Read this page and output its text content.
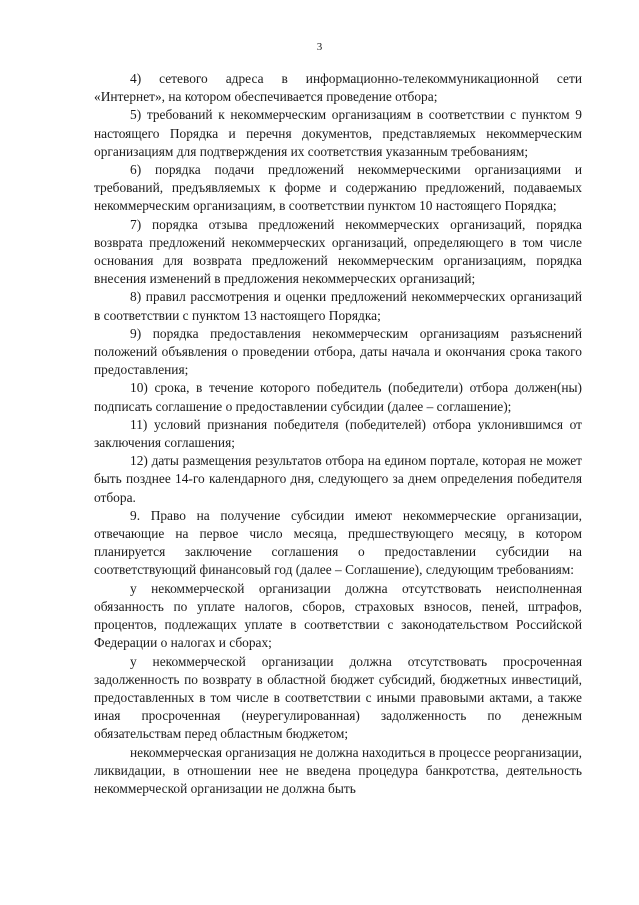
3

4) сетевого адреса в информационно-телекоммуникационной сети «Интернет», на котором обеспечивается проведение отбора;

5) требований к некоммерческим организациям в соответствии с пунктом 9 настоящего Порядка и перечня документов, представляемых некоммерческим организациям для подтверждения их соответствия указанным требованиям;

6) порядка подачи предложений некоммерческими организациями и требований, предъявляемых к форме и содержанию предложений, подаваемых некоммерческим организациям, в соответствии пунктом 10 настоящего Порядка;

7) порядка отзыва предложений некоммерческих организаций, порядка возврата предложений некоммерческих организаций, определяющего в том числе основания для возврата предложений некоммерческим организациям, порядка внесения изменений в предложения некоммерческих организаций;

8) правил рассмотрения и оценки предложений некоммерческих организаций в соответствии с пунктом 13 настоящего Порядка;

9) порядка предоставления некоммерческим организациям разъяснений положений объявления о проведении отбора, даты начала и окончания срока такого предоставления;

10) срока, в течение которого победитель (победители) отбора должен(ны) подписать соглашение о предоставлении субсидии (далее – соглашение);

11) условий признания победителя (победителей) отбора уклонившимся от заключения соглашения;

12) даты размещения результатов отбора на едином портале, которая не может быть позднее 14-го календарного дня, следующего за днем определения победителя отбора.

9. Право на получение субсидии имеют некоммерческие организации, отвечающие на первое число месяца, предшествующего месяцу, в котором планируется заключение соглашения о предоставлении субсидии на соответствующий финансовый год (далее – Соглашение), следующим требованиям:

у некоммерческой организации должна отсутствовать неисполненная обязанность по уплате налогов, сборов, страховых взносов, пеней, штрафов, процентов, подлежащих уплате в соответствии с законодательством Российской Федерации о налогах и сборах;

у некоммерческой организации должна отсутствовать просроченная задолженность по возврату в областной бюджет субсидий, бюджетных инвестиций, предоставленных в том числе в соответствии с иными правовыми актами, а также иная просроченная (неурегулированная) задолженность по денежным обязательствам перед областным бюджетом;

некоммерческая организация не должна находиться в процессе реорганизации, ликвидации, в отношении нее не введена процедура банкротства, деятельность некоммерческой организации не должна быть
